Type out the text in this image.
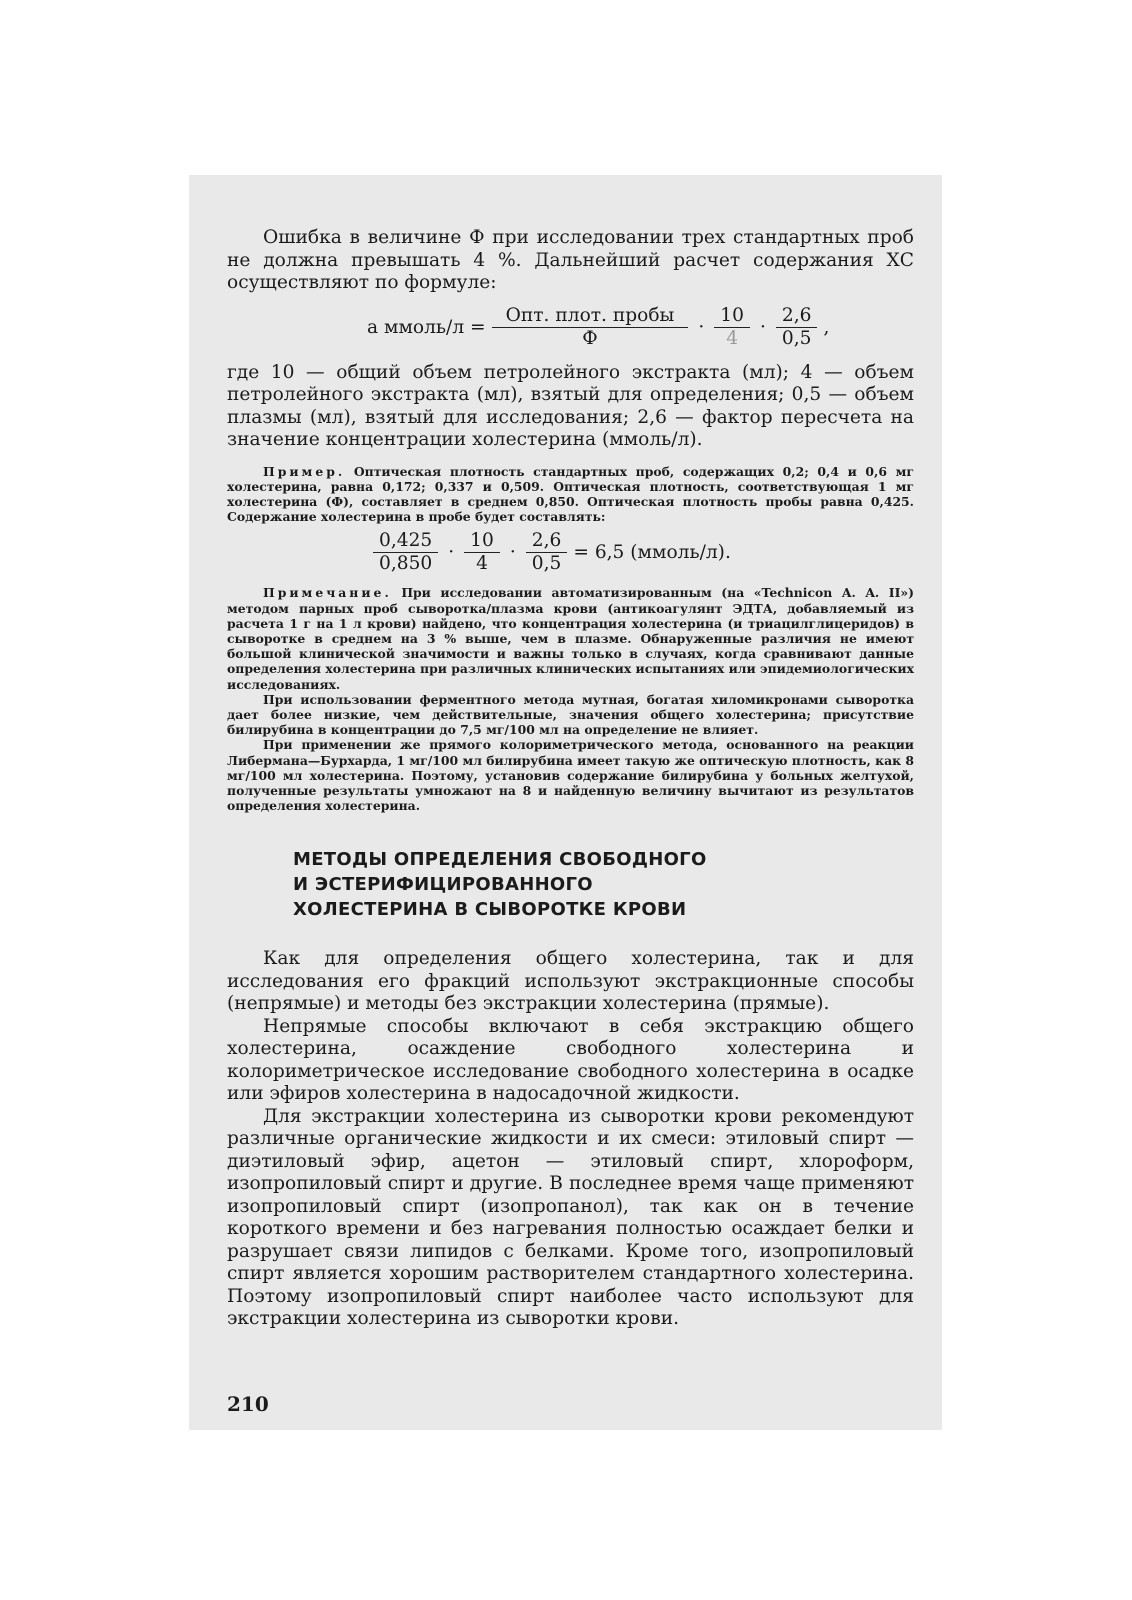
Ошибка в величине Ф при исследовании трех стандартных проб не должна превышать 4 %. Дальнейший расчет содержания ХС осуществляют по формуле:

a ммоль/л = $\frac{\text{Опт. плот. пробы}}{Ф} \cdot \frac{10}{4} \cdot \frac{2,6}{0,5}$ ,

где 10 — общий объем петролейного экстракта (мл); 4 — объем петролейного экстракта (мл), взятый для определения; 0,5 — объем плазмы (мл), взятый для исследования; 2,6 — фактор пересчета на значение концентрации холестерина (ммоль/л).

Пример. Оптическая плотность стандартных проб, содержащих 0,2; 0,4 и 0,6 мг холестерина, равна 0,172; 0,337 и 0,509. Оптическая плотность, соответствующая 1 мг холестерина (Ф), составляет в среднем 0,850. Оптическая плотность пробы равна 0,425. Содержание холестерина в пробе будет составлять:

$\frac{0,425}{0,850} \cdot \frac{10}{4} \cdot \frac{2,6}{0,5} = 6,5$ (ммоль/л).

Примечание. При исследовании автоматизированным (на «Technicon A. A. II») методом парных проб сыворотка/плазма крови (антикоагулянт ЭДТА, добавляемый из расчета 1 г на 1 л крови) найдено, что концентрация холестерина (и триацилглицеридов) в сыворотке в среднем на 3 % выше, чем в плазме. Обнаруженные различия не имеют большой клинической значимости и важны только в случаях, когда сравнивают данные определения холестерина при различных клинических испытаниях или эпидемиологических исследованиях.

При использовании ферментного метода мутная, богатая хиломикронами сыворотка дает более низкие, чем действительные, значения общего холестерина; присутствие билирубина в концентрации до 7,5 мг/100 мл на определение не влияет.

При применении же прямого колориметрического метода, основанного на реакции Либермана—Бурхарда, 1 мг/100 мл билирубина имеет такую же оптическую плотность, как 8 мг/100 мл холестерина. Поэтому, установив содержание билирубина у больных желтухой, полученные результаты умножают на 8 и найденную величину вычитают из результатов определения холестерина.

МЕТОДЫ ОПРЕДЕЛЕНИЯ СВОБОДНОГО
И ЭСТЕРИФИЦИРОВАННОГО
ХОЛЕСТЕРИНА В СЫВОРОТКЕ КРОВИ

Как для определения общего холестерина, так и для исследования его фракций используют экстракционные способы (непрямые) и методы без экстракции холестерина (прямые).

Непрямые способы включают в себя экстракцию общего холестерина, осаждение свободного холестерина и колориметрическое исследование свободного холестерина в осадке или эфиров холестерина в надосадочной жидкости.

Для экстракции холестерина из сыворотки крови рекомендуют различные органические жидкости и их смеси: этиловый спирт — диэтиловый эфир, ацетон — этиловый спирт, хлороформ, изопропиловый спирт и другие. В последнее время чаще применяют изопропиловый спирт (изопропанол), так как он в течение короткого времени и без нагревания полностью осаждает белки и разрушает связи липидов с белками. Кроме того, изопропиловый спирт является хорошим растворителем стандартного холестерина. Поэтому изопропиловый спирт наиболее часто используют для экстракции холестерина из сыворотки крови.

210
